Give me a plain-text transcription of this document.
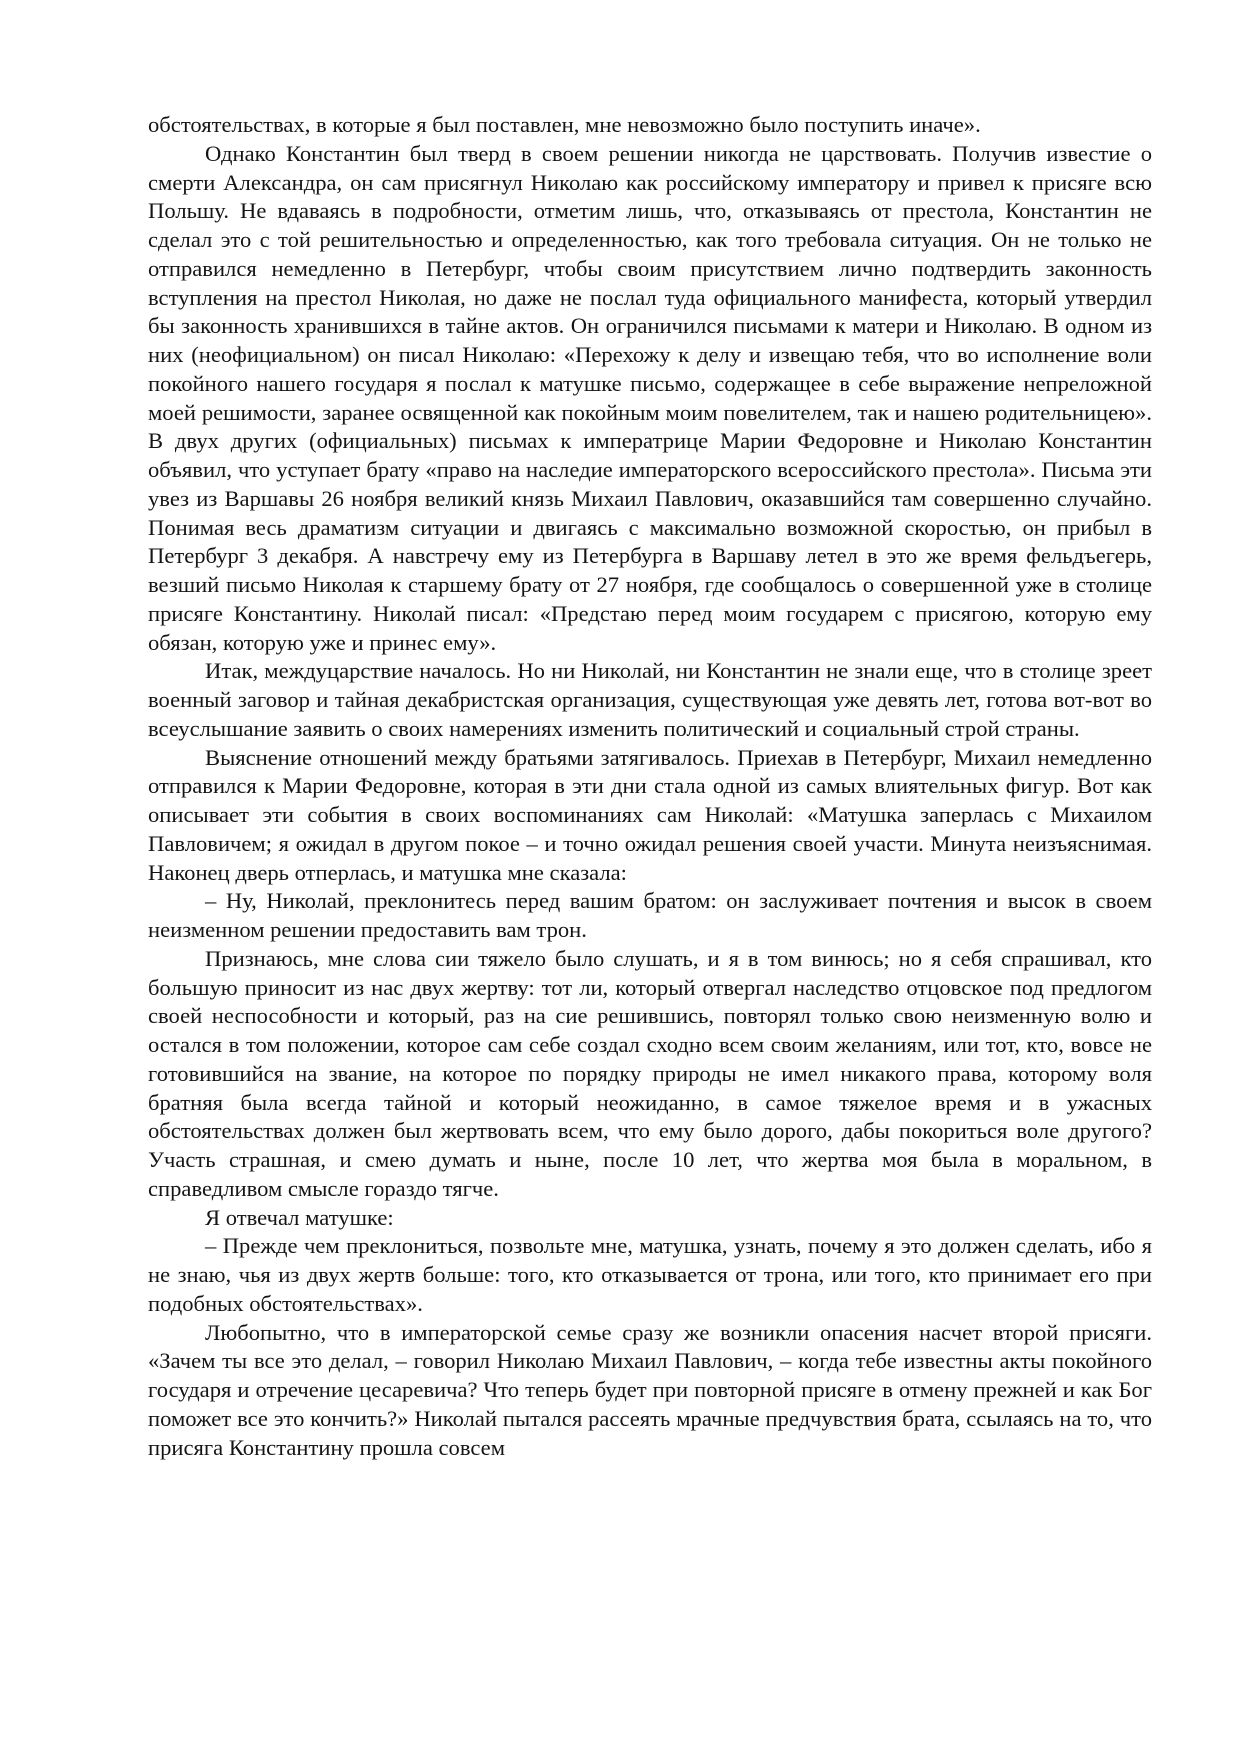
обстоятельствах, в которые я был поставлен, мне невозможно было поступить иначе».

Однако Константин был тверд в своем решении никогда не царствовать. Получив известие о смерти Александра, он сам присягнул Николаю как российскому императору и привел к присяге всю Польшу. Не вдаваясь в подробности, отметим лишь, что, отказываясь от престола, Константин не сделал это с той решительностью и определенностью, как того требовала ситуация. Он не только не отправился немедленно в Петербург, чтобы своим присутствием лично подтвердить законность вступления на престол Николая, но даже не послал туда официального манифеста, который утвердил бы законность хранившихся в тайне актов. Он ограничился письмами к матери и Николаю. В одном из них (неофициальном) он писал Николаю: «Перехожу к делу и извещаю тебя, что во исполнение воли покойного нашего государя я послал к матушке письмо, содержащее в себе выражение непреложной моей решимости, заранее освященной как покойным моим повелителем, так и нашею родительницею». В двух других (официальных) письмах к императрице Марии Федоровне и Николаю Константин объявил, что уступает брату «право на наследие императорского всероссийского престола». Письма эти увез из Варшавы 26 ноября великий князь Михаил Павлович, оказавшийся там совершенно случайно. Понимая весь драматизм ситуации и двигаясь с максимально возможной скоростью, он прибыл в Петербург 3 декабря. А навстречу ему из Петербурга в Варшаву летел в это же время фельдъегерь, везший письмо Николая к старшему брату от 27 ноября, где сообщалось о совершенной уже в столице присяге Константину. Николай писал: «Предстаю перед моим государем с присягою, которую ему обязан, которую уже и принес ему».

Итак, междуцарствие началось. Но ни Николай, ни Константин не знали еще, что в столице зреет военный заговор и тайная декабристская организация, существующая уже девять лет, готова вот-вот во всеуслышание заявить о своих намерениях изменить политический и социальный строй страны.

Выяснение отношений между братьями затягивалось. Приехав в Петербург, Михаил немедленно отправился к Марии Федоровне, которая в эти дни стала одной из самых влиятельных фигур. Вот как описывает эти события в своих воспоминаниях сам Николай: «Матушка заперлась с Михаилом Павловичем; я ожидал в другом покое – и точно ожидал решения своей участи. Минута неизъяснимая. Наконец дверь отперлась, и матушка мне сказала:

– Ну, Николай, преклонитесь перед вашим братом: он заслуживает почтения и высок в своем неизменном решении предоставить вам трон.

Признаюсь, мне слова сии тяжело было слушать, и я в том винюсь; но я себя спрашивал, кто большую приносит из нас двух жертву: тот ли, который отвергал наследство отцовское под предлогом своей неспособности и который, раз на сие решившись, повторял только свою неизменную волю и остался в том положении, которое сам себе создал сходно всем своим желаниям, или тот, кто, вовсе не готовившийся на звание, на которое по порядку природы не имел никакого права, которому воля братняя была всегда тайной и который неожиданно, в самое тяжелое время и в ужасных обстоятельствах должен был жертвовать всем, что ему было дорого, дабы покориться воле другого? Участь страшная, и смею думать и ныне, после 10 лет, что жертва моя была в моральном, в справедливом смысле гораздо тягче.

Я отвечал матушке:

– Прежде чем преклониться, позвольте мне, матушка, узнать, почему я это должен сделать, ибо я не знаю, чья из двух жертв больше: того, кто отказывается от трона, или того, кто принимает его при подобных обстоятельствах».

Любопытно, что в императорской семье сразу же возникли опасения насчет второй присяги. «Зачем ты все это делал, – говорил Николаю Михаил Павлович, – когда тебе известны акты покойного государя и отречение цесаревича? Что теперь будет при повторной присяге в отмену прежней и как Бог поможет все это кончить?» Николай пытался рассеять мрачные предчувствия брата, ссылаясь на то, что присяга Константину прошла совсем
